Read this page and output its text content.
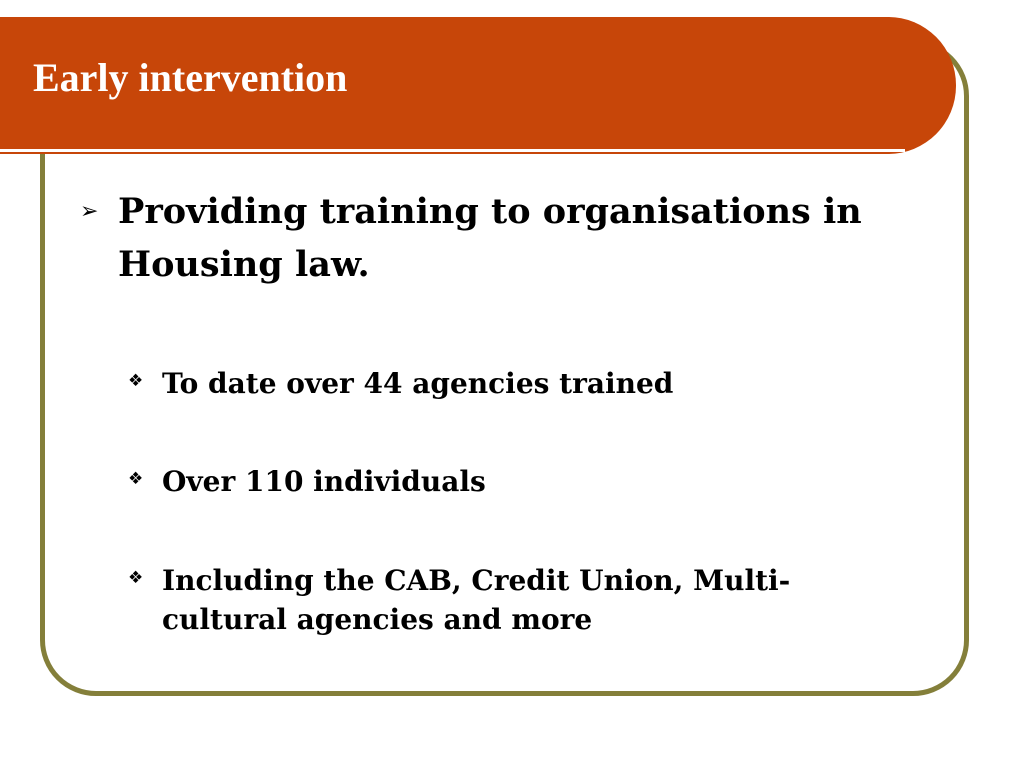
Early intervention
➢ Providing training to organisations in Housing law.
❖ To date over 44 agencies trained
❖ Over 110 individuals
❖ Including the CAB, Credit Union, Multi-cultural agencies and more
